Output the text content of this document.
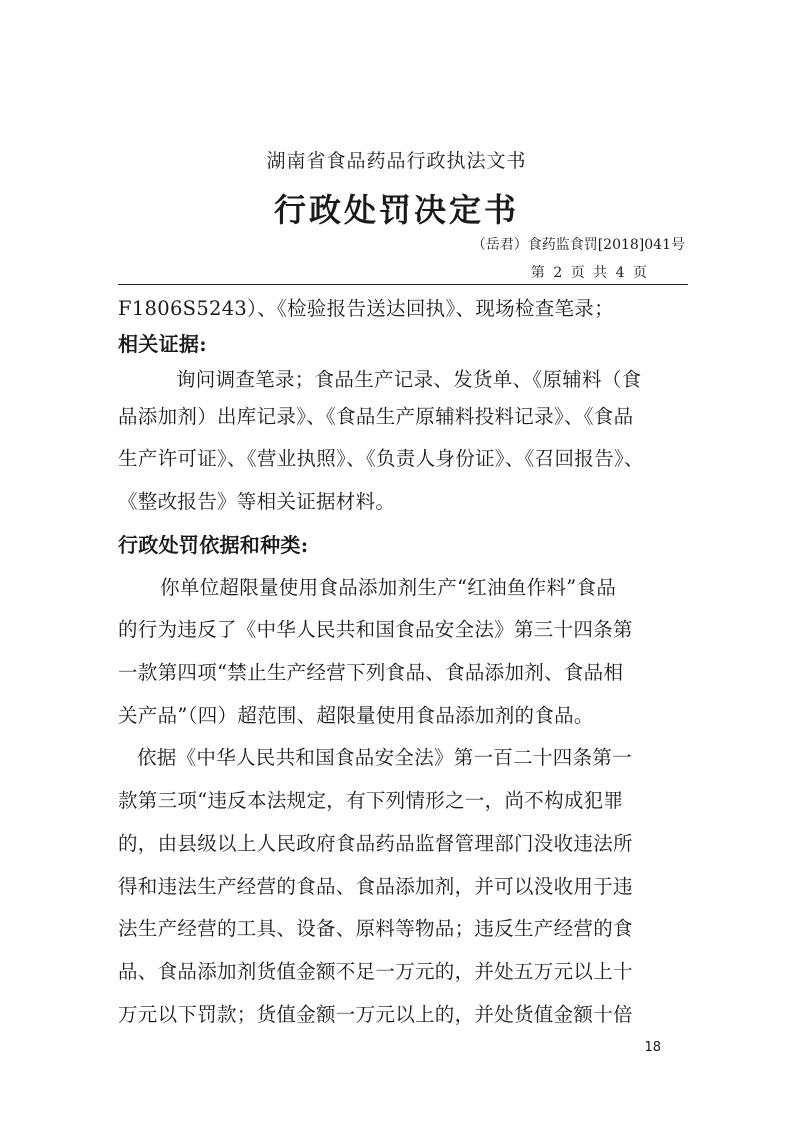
湖南省食品药品行政执法文书
行政处罚决定书
（岳君）食药监食罚[2018]041号
第 2 页 共 4 页
F1806S5243）、《检验报告送达回执》、现场检查笔录；
相关证据:
询问调查笔录；食品生产记录、发货单、《原辅料（食
品添加剂）出库记录》、《食品生产原辅料投料记录》、《食品
生产许可证》、《营业执照》、《负责人身份证》、《召回报告》、
《整改报告》等相关证据材料。
行政处罚依据和种类:
你单位超限量使用食品添加剂生产“红油鱼作料”食品
的行为违反了《中华人民共和国食品安全法》第三十四条第
一款第四项“禁止生产经营下列食品、食品添加剂、食品相
关产品”（四）超范围、超限量使用食品添加剂的食品。
依据《中华人民共和国食品安全法》第一百二十四条第一
款第三项“违反本法规定，有下列情形之一，尚不构成犯罪
的，由县级以上人民政府食品药品监督管理部门没收违法所
得和违法生产经营的食品、食品添加剂，并可以没收用于违
法生产经营的工具、设备、原料等物品；违反生产经营的食
品、食品添加剂货值金额不足一万元的，并处五万元以上十
万元以下罚款；货值金额一万元以上的，并处货值金额十倍
18
